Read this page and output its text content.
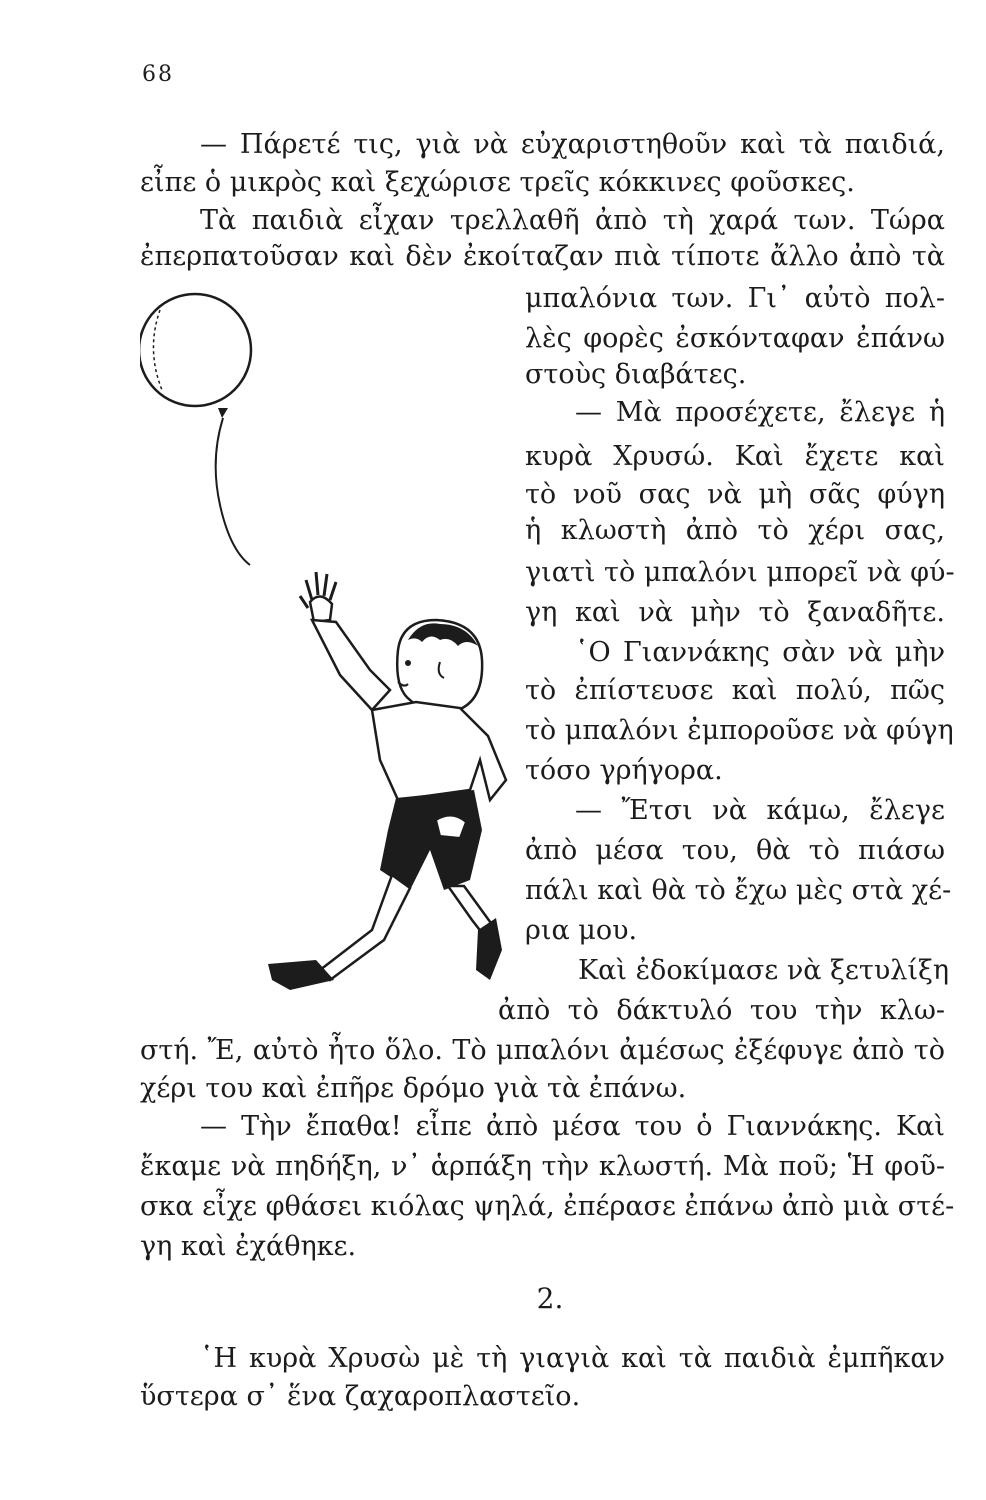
68
— Πάρετέ τις, γιὰ νὰ εὐχαριστηθοῦν καὶ τὰ παιδιά,
εἶπε ὁ μικρὸς καὶ ξεχώρισε τρεῖς κόκκινες φοῦσκες.
Τὰ παιδιὰ εἶχαν τρελλαθῆ ἀπὸ τὴ χαρά των. Τώρα
ἐπερπατοῦσαν καὶ δὲν ἐκοίταζαν πιὰ τίποτε ἄλλο ἀπὸ τὰ
μπαλόνια των. Γι᾿ αὐτὸ πολ-
λὲς φορὲς ἐσκόνταφαν ἐπάνω
στοὺς διαβάτες.
— Μὰ προσέχετε, ἔλεγε ἡ
κυρὰ Χρυσώ. Καὶ ἔχετε καὶ
τὸ νοῦ σας νὰ μὴ σᾶς φύγη
ἡ κλωστὴ ἀπὸ τὸ χέρι σας,
γιατὶ τὸ μπαλόνι μπορεῖ νὰ φύ-
γη καὶ νὰ μὴν τὸ ξαναδῆτε.
῾Ο Γιαννάκης σὰν νὰ μὴν
τὸ ἐπίστευσε καὶ πολύ, πῶς
τὸ μπαλόνι ἐμποροῦσε νὰ φύγη
τόσο γρήγορα.
— Ἔτσι νὰ κάμω, ἔλεγε
ἀπὸ μέσα του, θὰ τὸ πιάσω
πάλι καὶ θὰ τὸ ἔχω μὲς στὰ χέ-
ρια μου.
Καὶ ἐδοκίμασε νὰ ξετυλίξη
ἀπὸ τὸ δάκτυλό του τὴν κλω-
στή. Ἔ, αὐτὸ ἦτο ὅλο. Τὸ μπαλόνι ἀμέσως ἐξέφυγε ἀπὸ τὸ
χέρι του καὶ ἐπῆρε δρόμο γιὰ τὰ ἐπάνω.
— Τὴν ἔπαθα! εἶπε ἀπὸ μέσα του ὁ Γιαννάκης. Καὶ
ἔκαμε νὰ πηδήξη, ν᾿ ἁρπάξη τὴν κλωστή. Μὰ ποῦ; Ἡ φοῦ-
σκα εἶχε φθάσει κιόλας ψηλά, ἐπέρασε ἐπάνω ἀπὸ μιὰ στέ-
γη καὶ ἐχάθηκε.
2.
῾Η κυρὰ Χρυσὼ μὲ τὴ γιαγιὰ καὶ τὰ παιδιὰ ἐμπῆκαν
ὕστερα σ᾿ ἕνα ζαχαροπλαστεῖο.
